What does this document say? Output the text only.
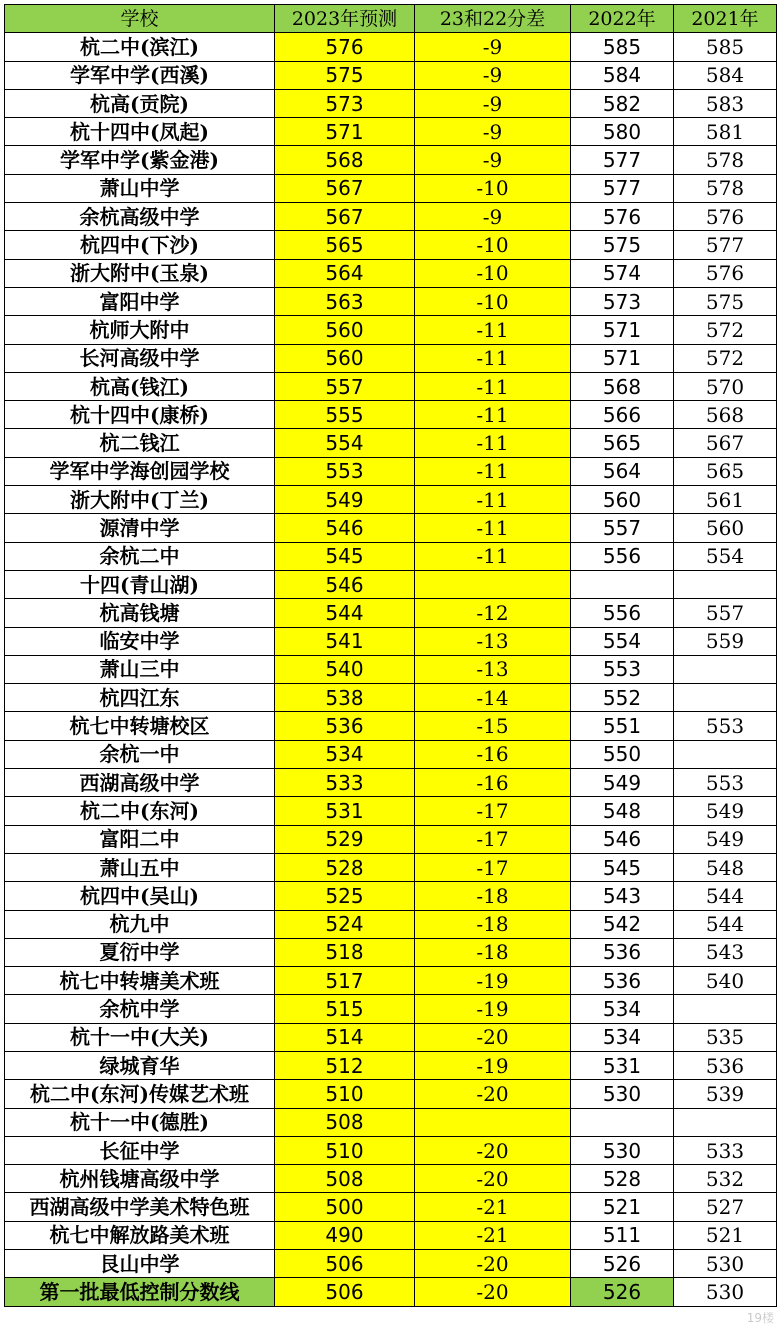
学校	2023年预测	23和22分差	2022年	2021年
杭二中(滨江)	576	-9	585	585
学军中学(西溪)	575	-9	584	584
杭高(贡院)	573	-9	582	583
杭十四中(凤起)	571	-9	580	581
学军中学(紫金港)	568	-9	577	578
萧山中学	567	-10	577	578
余杭高级中学	567	-9	576	576
杭四中(下沙)	565	-10	575	577
浙大附中(玉泉)	564	-10	574	576
富阳中学	563	-10	573	575
杭师大附中	560	-11	571	572
长河高级中学	560	-11	571	572
杭高(钱江)	557	-11	568	570
杭十四中(康桥)	555	-11	566	568
杭二钱江	554	-11	565	567
学军中学海创园学校	553	-11	564	565
浙大附中(丁兰)	549	-11	560	561
源清中学	546	-11	557	560
余杭二中	545	-11	556	554
十四(青山湖)	546			
杭高钱塘	544	-12	556	557
临安中学	541	-13	554	559
萧山三中	540	-13	553	
杭四江东	538	-14	552	
杭七中转塘校区	536	-15	551	553
余杭一中	534	-16	550	
西湖高级中学	533	-16	549	553
杭二中(东河)	531	-17	548	549
富阳二中	529	-17	546	549
萧山五中	528	-17	545	548
杭四中(吴山)	525	-18	543	544
杭九中	524	-18	542	544
夏衍中学	518	-18	536	543
杭七中转塘美术班	517	-19	536	540
余杭中学	515	-19	534	
杭十一中(大关)	514	-20	534	535
绿城育华	512	-19	531	536
杭二中(东河)传媒艺术班	510	-20	530	539
杭十一中(德胜)	508			
长征中学	510	-20	530	533
杭州钱塘高级中学	508	-20	528	532
西湖高级中学美术特色班	500	-21	521	527
杭七中解放路美术班	490	-21	511	521
艮山中学	506	-20	526	530
第一批最低控制分数线	506	-20	526	530
19楼
